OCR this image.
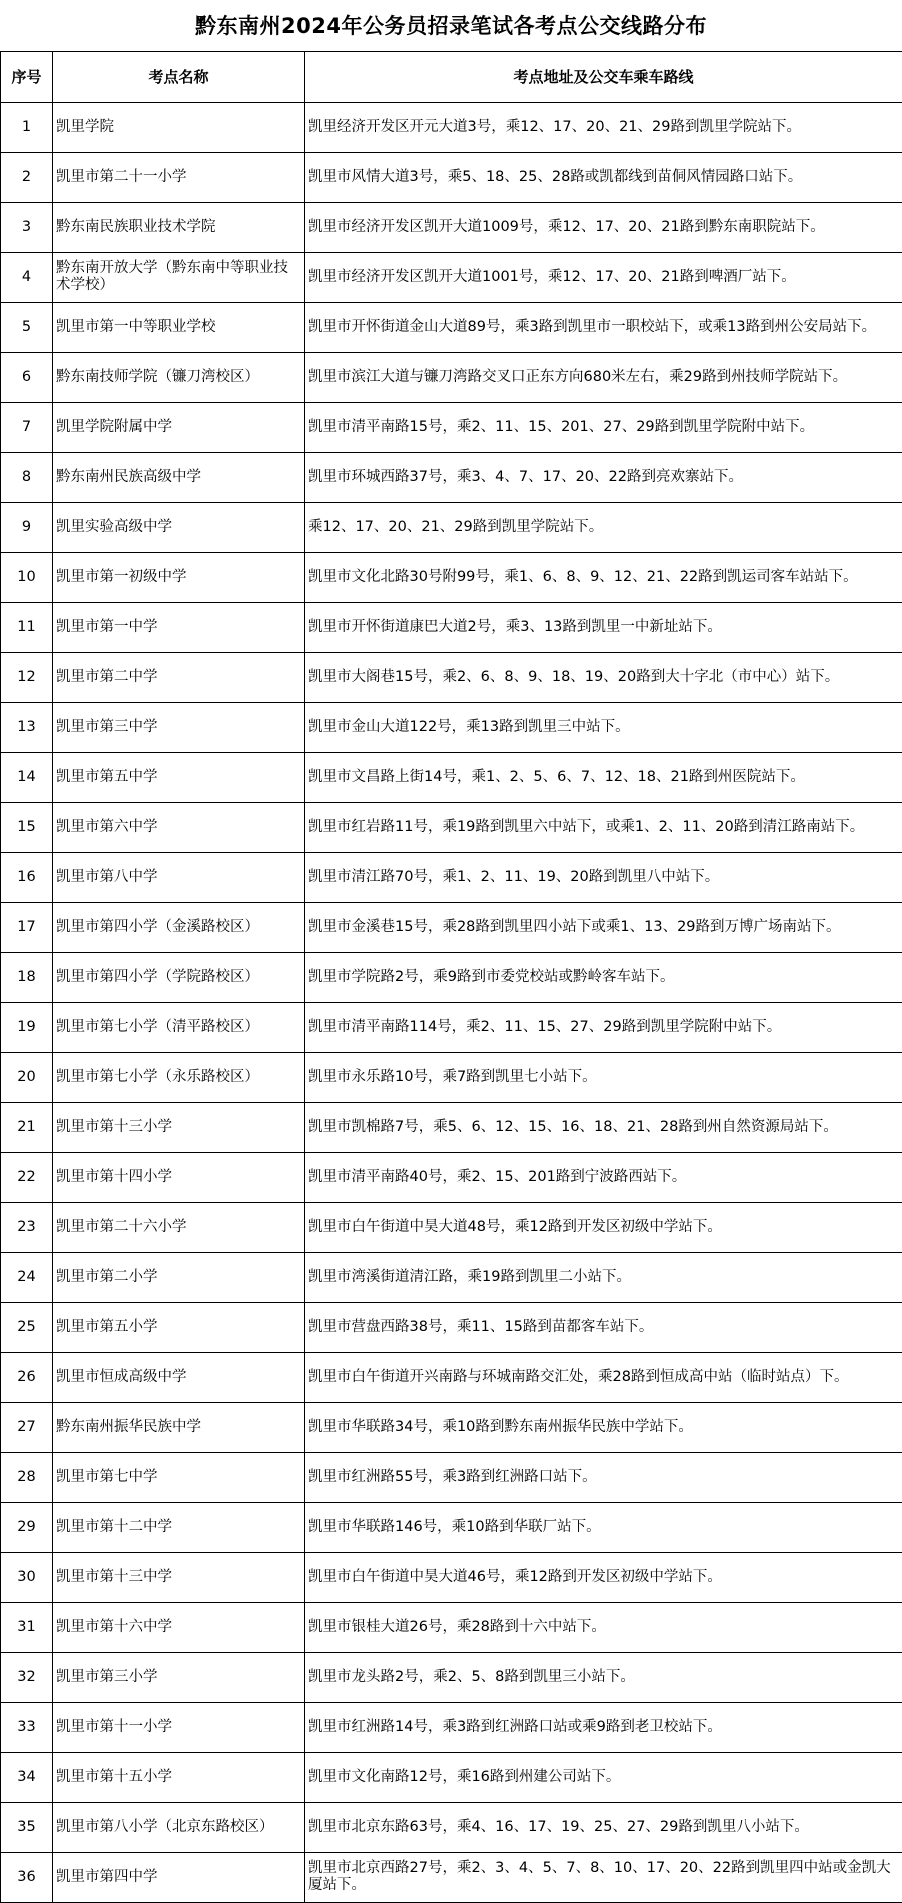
黔东南州2024年公务员招录笔试各考点公交线路分布
序号	考点名称	考点地址及公交车乘车路线
1	凯里学院	凯里经济开发区开元大道3号，乘12、17、20、21、29路到凯里学院站下。
2	凯里市第二十一小学	凯里市风情大道3号，乘5、18、25、28路或凯都线到苗侗风情园路口站下。
3	黔东南民族职业技术学院	凯里市经济开发区凯开大道1009号，乘12、17、20、21路到黔东南职院站下。
4	黔东南开放大学（黔东南中等职业技术学校）	凯里市经济开发区凯开大道1001号，乘12、17、20、21路到啤酒厂站下。
5	凯里市第一中等职业学校	凯里市开怀街道金山大道89号，乘3路到凯里市一职校站下，或乘13路到州公安局站下。
6	黔东南技师学院（镰刀湾校区）	凯里市滨江大道与镰刀湾路交叉口正东方向680米左右，乘29路到州技师学院站下。
7	凯里学院附属中学	凯里市清平南路15号，乘2、11、15、201、27、29路到凯里学院附中站下。
8	黔东南州民族高级中学	凯里市环城西路37号，乘3、4、7、17、20、22路到亮欢寨站下。
9	凯里实验高级中学	乘12、17、20、21、29路到凯里学院站下。
10	凯里市第一初级中学	凯里市文化北路30号附99号，乘1、6、8、9、12、21、22路到凯运司客车站站下。
11	凯里市第一中学	凯里市开怀街道康巴大道2号，乘3、13路到凯里一中新址站下。
12	凯里市第二中学	凯里市大阁巷15号，乘2、6、8、9、18、19、20路到大十字北（市中心）站下。
13	凯里市第三中学	凯里市金山大道122号，乘13路到凯里三中站下。
14	凯里市第五中学	凯里市文昌路上街14号，乘1、2、5、6、7、12、18、21路到州医院站下。
15	凯里市第六中学	凯里市红岩路11号，乘19路到凯里六中站下，或乘1、2、11、20路到清江路南站下。
16	凯里市第八中学	凯里市清江路70号，乘1、2、11、19、20路到凯里八中站下。
17	凯里市第四小学（金溪路校区）	凯里市金溪巷15号，乘28路到凯里四小站下或乘1、13、29路到万博广场南站下。
18	凯里市第四小学（学院路校区）	凯里市学院路2号，乘9路到市委党校站或黔岭客车站下。
19	凯里市第七小学（清平路校区）	凯里市清平南路114号，乘2、11、15、27、29路到凯里学院附中站下。
20	凯里市第七小学（永乐路校区）	凯里市永乐路10号，乘7路到凯里七小站下。
21	凯里市第十三小学	凯里市凯棉路7号，乘5、6、12、15、16、18、21、28路到州自然资源局站下。
22	凯里市第十四小学	凯里市清平南路40号，乘2、15、201路到宁波路西站下。
23	凯里市第二十六小学	凯里市白午街道中昊大道48号，乘12路到开发区初级中学站下。
24	凯里市第二小学	凯里市湾溪街道清江路，乘19路到凯里二小站下。
25	凯里市第五小学	凯里市营盘西路38号，乘11、15路到苗都客车站下。
26	凯里市恒成高级中学	凯里市白午街道开兴南路与环城南路交汇处，乘28路到恒成高中站（临时站点）下。
27	黔东南州振华民族中学	凯里市华联路34号，乘10路到黔东南州振华民族中学站下。
28	凯里市第七中学	凯里市红洲路55号，乘3路到红洲路口站下。
29	凯里市第十二中学	凯里市华联路146号，乘10路到华联厂站下。
30	凯里市第十三中学	凯里市白午街道中昊大道46号，乘12路到开发区初级中学站下。
31	凯里市第十六中学	凯里市银桂大道26号，乘28路到十六中站下。
32	凯里市第三小学	凯里市龙头路2号，乘2、5、8路到凯里三小站下。
33	凯里市第十一小学	凯里市红洲路14号，乘3路到红洲路口站或乘9路到老卫校站下。
34	凯里市第十五小学	凯里市文化南路12号，乘16路到州建公司站下。
35	凯里市第八小学（北京东路校区）	凯里市北京东路63号，乘4、16、17、19、25、27、29路到凯里八小站下。
36	凯里市第四中学	凯里市北京西路27号，乘2、3、4、5、7、8、10、17、20、22路到凯里四中站或金凯大厦站下。
